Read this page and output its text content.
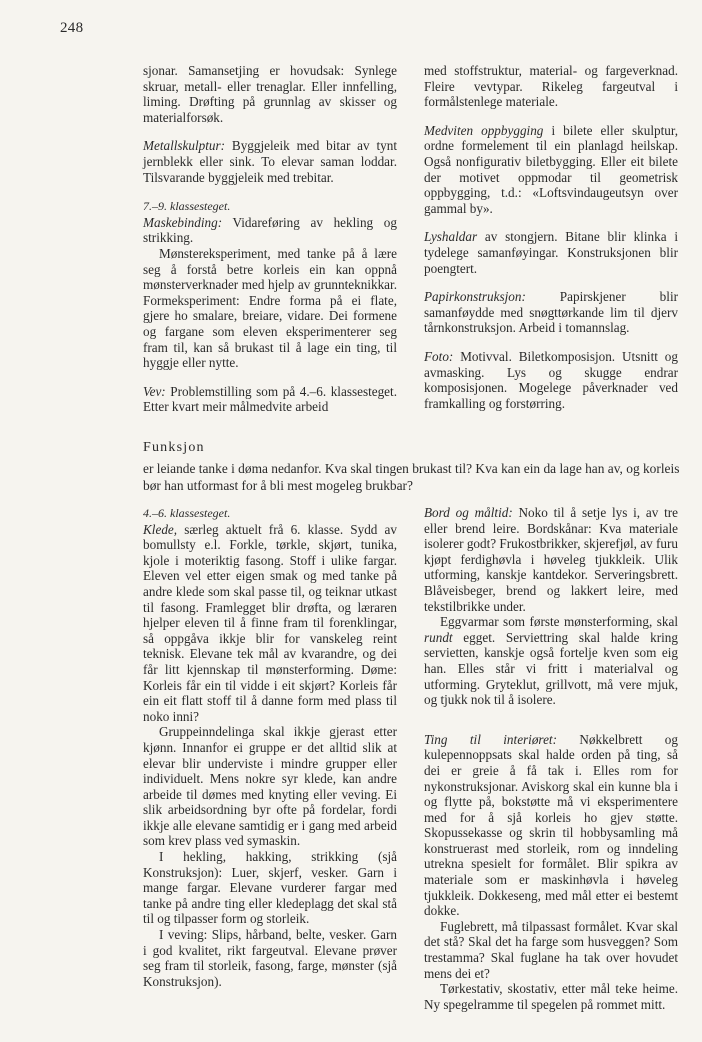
248

sjonar. Samansetjing er hovudsak: Synlege skruar, metall- eller trenaglar. Eller innfelling, liming. Drøfting på grunnlag av skisser og materialforsøk.

Metallskulptur: Byggjeleik med bitar av tynt jernblekk eller sink. To elevar saman loddar. Tilsvarande byggjeleik med trebitar.

7.–9. klassesteget.

Maskebinding: Vidareføring av hekling og strikking.

Mønstereksperiment, med tanke på å lære seg å forstå betre korleis ein kan oppnå mønsterverknader med hjelp av grunnteknikkar. Formeksperiment: Endre forma på ei flate, gjere ho smalare, breiare, vidare. Dei formene og fargane som eleven eksperimenterer seg fram til, kan så brukast til å lage ein ting, til hyggje eller nytte.

Vev: Problemstilling som på 4.–6. klassesteget. Etter kvart meir målmedvite arbeid

med stoffstruktur, material- og fargeverknad. Fleire vevtypar. Rikeleg fargeutval i formålstenlege materiale.

Medviten oppbygging i bilete eller skulptur, ordne formelement til ein planlagd heilskap. Også nonfigurativ biletbygging. Eller eit bilete der motivet oppmodar til geometrisk oppbygging, t.d.: «Loftsvindaugeutsyn over gammal by».

Lyshaldar av stongjern. Bitane blir klinka i tydelege samanføyingar. Konstruksjonen blir poengtert.

Papirkonstruksjon: Papirskjener blir samanføydde med snøgttørkande lim til djerv tårnkonstruksjon. Arbeid i tomannslag.

Foto: Motivval. Biletkomposisjon. Utsnitt og avmasking. Lys og skugge endrar komposisjonen. Mogelege påverknader ved framkalling og forstørring.

Funksjon
er leiande tanke i døma nedanfor. Kva skal tingen brukast til? Kva kan ein da lage han av, og korleis bør han utformast for å bli mest mogeleg brukbar?

4.–6. klassesteget.

Klede, særleg aktuelt frå 6. klasse. Sydd av bomullsty e.l. Forkle, tørkle, skjørt, tunika, kjole i moteriktig fasong. Stoff i ulike fargar. Eleven vel etter eigen smak og med tanke på andre klede som skal passe til, og teiknar utkast til fasong. Framlegget blir drøfta, og læraren hjelper eleven til å finne fram til forenklingar, så oppgåva ikkje blir for vanskeleg reint teknisk. Elevane tek mål av kvarandre, og dei får litt kjennskap til mønsterforming. Døme: Korleis får ein til vidde i eit skjørt? Korleis får ein eit flatt stoff til å danne form med plass til noko inni?

Gruppeinndelinga skal ikkje gjerast etter kjønn. Innanfor ei gruppe er det alltid slik at elevar blir underviste i mindre grupper eller individuelt. Mens nokre syr klede, kan andre arbeide til dømes med knyting eller veving. Ei slik arbeidsordning byr ofte på fordelar, fordi ikkje alle elevane samtidig er i gang med arbeid som krev plass ved symaskin.

I hekling, hakking, strikking (sjå Konstruksjon): Luer, skjerf, vesker. Garn i mange fargar. Elevane vurderer fargar med tanke på andre ting eller kledeplagg det skal stå til og tilpasser form og storleik.

I veving: Slips, hårband, belte, vesker. Garn i god kvalitet, rikt fargeutval. Elevane prøver seg fram til storleik, fasong, farge, mønster (sjå Konstruksjon).

Bord og måltid: Noko til å setje lys i, av tre eller brend leire. Bordskånar: Kva materiale isolerer godt? Frukostbrikker, skjerefjøl, av furu kjøpt ferdighøvla i høveleg tjukkleik. Ulik utforming, kanskje kantdekor. Serveringsbrett. Blåveisbeger, brend og lakkert leire, med tekstilbrikke under.

Eggvarmar som første mønsterforming, skal rundt egget. Serviettring skal halde kring servietten, kanskje også fortelje kven som eig han. Elles står vi fritt i materialval og utforming. Gryteklut, grillvott, må vere mjuk, og tjukk nok til å isolere.

Ting til interiøret: Nøkkelbrett og kulepennoppsats skal halde orden på ting, så dei er greie å få tak i. Elles rom for nykonstruksjonar. Aviskorg skal ein kunne bla i og flytte på, bokstøtte må vi eksperimentere med for å sjå korleis ho gjev støtte. Skopussekasse og skrin til hobbysamling må konstruerast med storleik, rom og inndeling utrekna spesielt for formålet. Blir spikra av materiale som er maskinhøvla i høveleg tjukkleik. Dokkeseng, med mål etter ei bestemt dokke.

Fuglebrett, må tilpassast formålet. Kvar skal det stå? Skal det ha farge som husveggen? Som trestamma? Skal fuglane ha tak over hovudet mens dei et?

Tørkestativ, skostativ, etter mål teke heime. Ny spegelramme til spegelen på rommet mitt.
